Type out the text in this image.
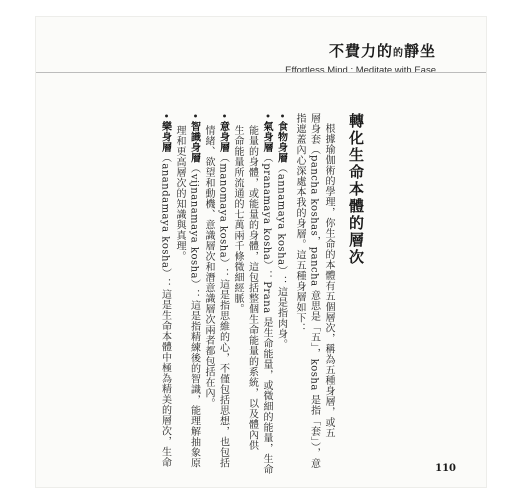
不費力的的靜坐
Effortless Mind : Meditate with Ease
轉化生命本體的層次
根據瑜伽術的學理，你生命的本體有五個層次，稱為五種身層，或五
層身套（pancha koshas，pancha 意思是「五」，kosha 是指「套」），意
指遮蓋內心深處本我的身層。這五種身層如下：
•食物身層（annamaya kosha）：這是指肉身。
•氣身層（pranamaya kosha）：Prana 是生命能量，或微細的能量，生命
能量的身體，或能量的身體，這包括整個生命能量的系統，以及體內供
生命能量所流通的七萬兩千條微細經脈。
•意身層（manomaya kosha）：這是指思維的心，不僅包括思想，也包括
情緒、欲望和動機、意識層次和潛意識層次兩者都包括在內。
•智識身層（vijnanamaya kosha）：這是指精練後的智識，能理解抽象原
理和更高層次的知識與真理。
•樂身層（anandamaya kosha）：這是生命本體中極為精美的層次，生命
110
